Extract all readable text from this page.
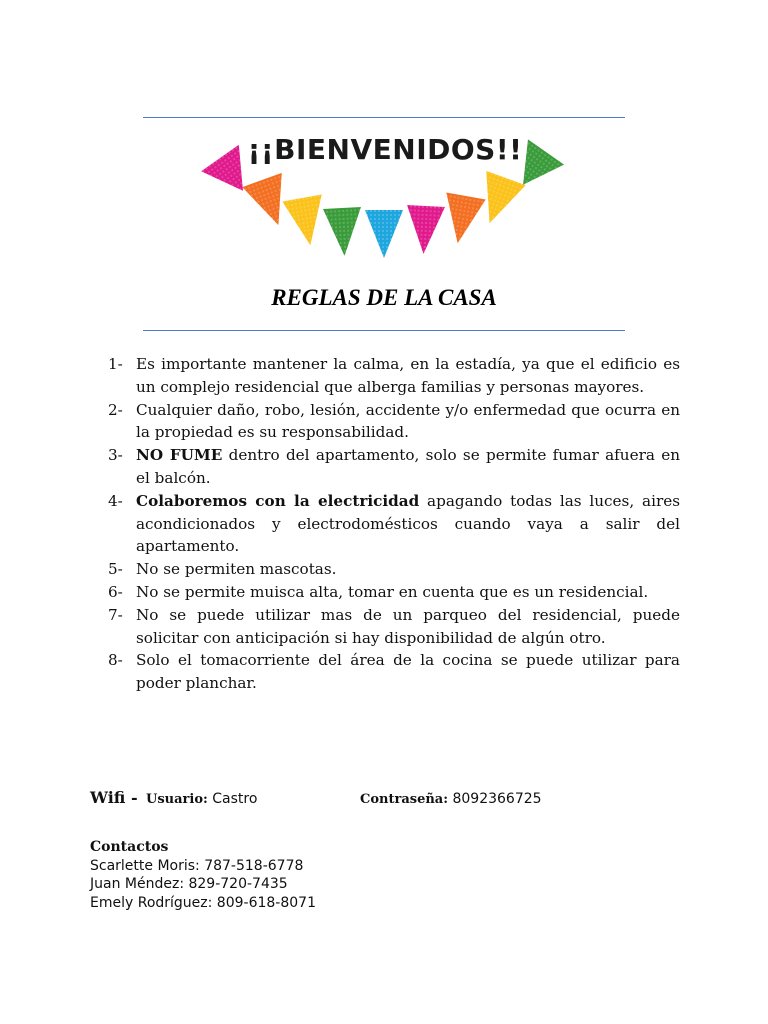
¡¡BIENVENIDOS!!
REGLAS DE LA CASA
1- Es importante mantener la calma, en la estadía, ya que el edificio es un complejo residencial que alberga familias y personas mayores.
2- Cualquier daño, robo, lesión, accidente y/o enfermedad que ocurra en la propiedad es su responsabilidad.
3- NO FUME dentro del apartamento, solo se permite fumar afuera en el balcón.
4- Colaboremos con la electricidad apagando todas las luces, aires acondicionados y electrodomésticos cuando vaya a salir del apartamento.
5- No se permiten mascotas.
6- No se permite muisca alta, tomar en cuenta que es un residencial.
7- No se puede utilizar mas de un parqueo del residencial, puede solicitar con anticipación si hay disponibilidad de algún otro.
8- Solo el tomacorriente del área de la cocina se puede utilizar para poder planchar.
Wifi - Usuario: Castro	Contraseña: 8092366725
Contactos
Scarlette Moris: 787-518-6778
Juan Méndez: 829-720-7435
Emely Rodríguez: 809-618-8071
